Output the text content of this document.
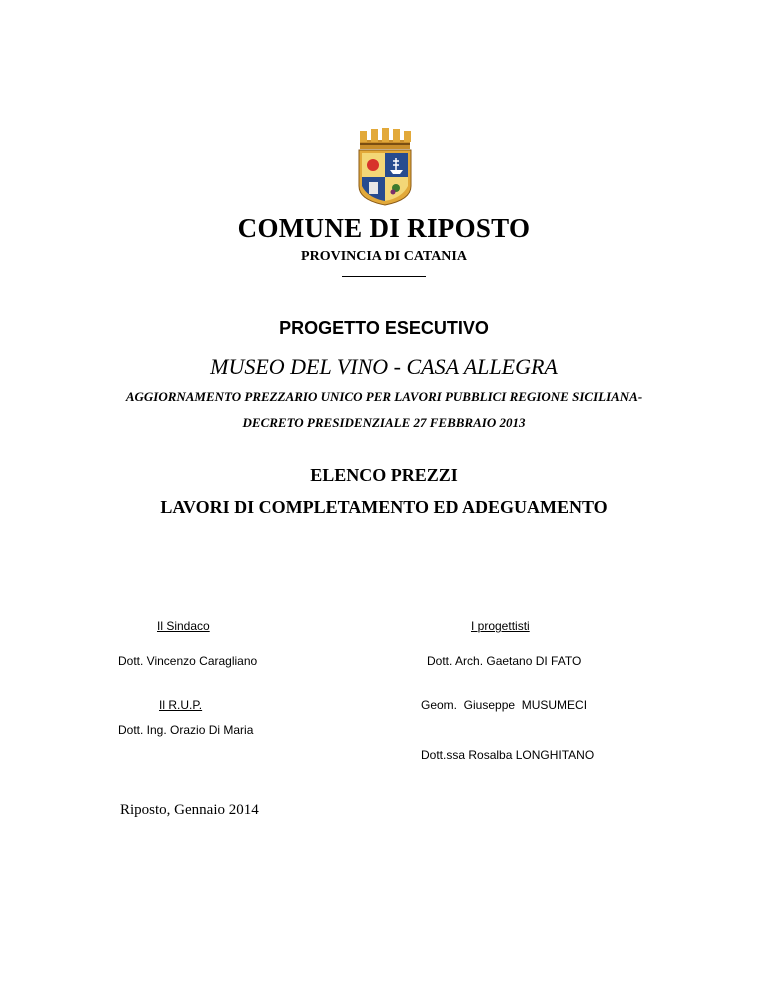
COMUNE DI RIPOSTO
PROVINCIA DI CATANIA
PROGETTO ESECUTIVO
MUSEO DEL VINO - CASA ALLEGRA
AGGIORNAMENTO PREZZARIO UNICO PER LAVORI PUBBLICI REGIONE SICILIANA-
DECRETO PRESIDENZIALE 27 FEBBRAIO 2013
ELENCO PREZZI
LAVORI DI COMPLETAMENTO ED ADEGUAMENTO
Il Sindaco
Dott. Vincenzo Caragliano
Il R.U.P.
Dott. Ing. Orazio Di Maria
I progettisti
Dott. Arch. Gaetano DI FATO
Geom.  Giuseppe  MUSUMECI
Dott.ssa Rosalba LONGHITANO
Riposto, Gennaio 2014
